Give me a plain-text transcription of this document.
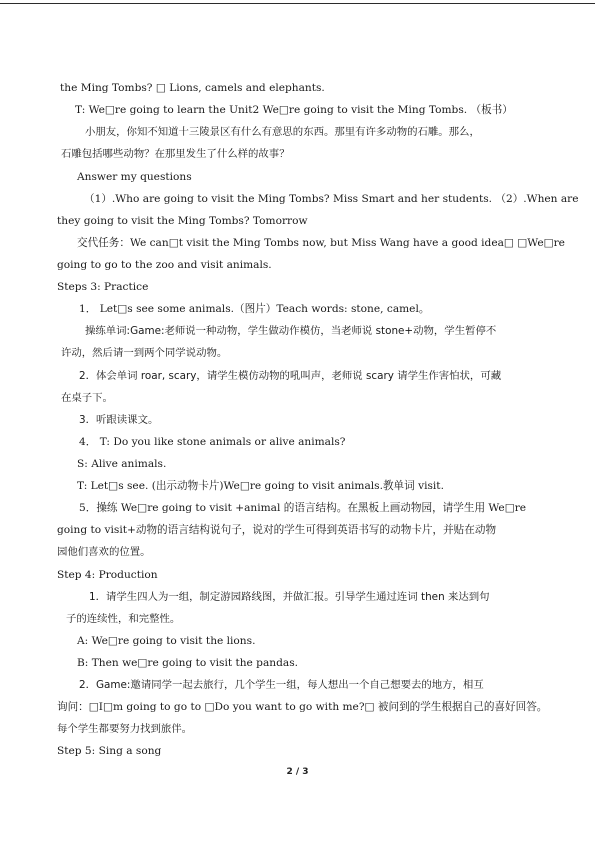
the Ming Tombs? □ Lions, camels and elephants.
T: We□re going to learn the Unit2 We□re going to visit the Ming Tombs. （板书）
小朋友，你知不知道十三陵景区有什么有意思的东西。那里有许多动物的石雕。那么，
石雕包括哪些动物？在那里发生了什么样的故事？
Answer my questions
（1）.Who are going to visit the Ming Tombs? Miss Smart and her students. （2）.When are
they going to visit the Ming Tombs? Tomorrow
交代任务：We can□t visit the Ming Tombs now, but Miss Wang have a good idea□ □We□re
going to go to the zoo and visit animals.
Steps 3: Practice
1． Let□s see some animals.（图片）Teach words: stone, camel。
操练单词:Game:老师说一种动物，学生做动作模仿，当老师说 stone+动物，学生暂停不
许动，然后请一到两个同学说动物。
2．体会单词 roar, scary，请学生模仿动物的吼叫声，老师说 scary 请学生作害怕状，可藏
在桌子下。
3．听跟读课文。
4． T: Do you like stone animals or alive animals?
S: Alive animals.
T: Let□s see. (出示动物卡片)We□re going to visit animals.教单词 visit.
5．操练 We□re going to visit +animal 的语言结构。在黑板上画动物园，请学生用 We□re
going to visit+动物的语言结构说句子，说对的学生可得到英语书写的动物卡片，并贴在动物
园他们喜欢的位置。
Step 4: Production
1．请学生四人为一组，制定游园路线图，并做汇报。引导学生通过连词 then 来达到句
子的连续性，和完整性。
A: We□re going to visit the lions.
B: Then we□re going to visit the pandas.
2．Game:邀请同学一起去旅行，几个学生一组，每人想出一个自己想要去的地方，相互
询问：□I□m going to go to □Do you want to go with me?□ 被问到的学生根据自己的喜好回答。
每个学生都要努力找到旅伴。
Step 5: Sing a song
2 / 3
